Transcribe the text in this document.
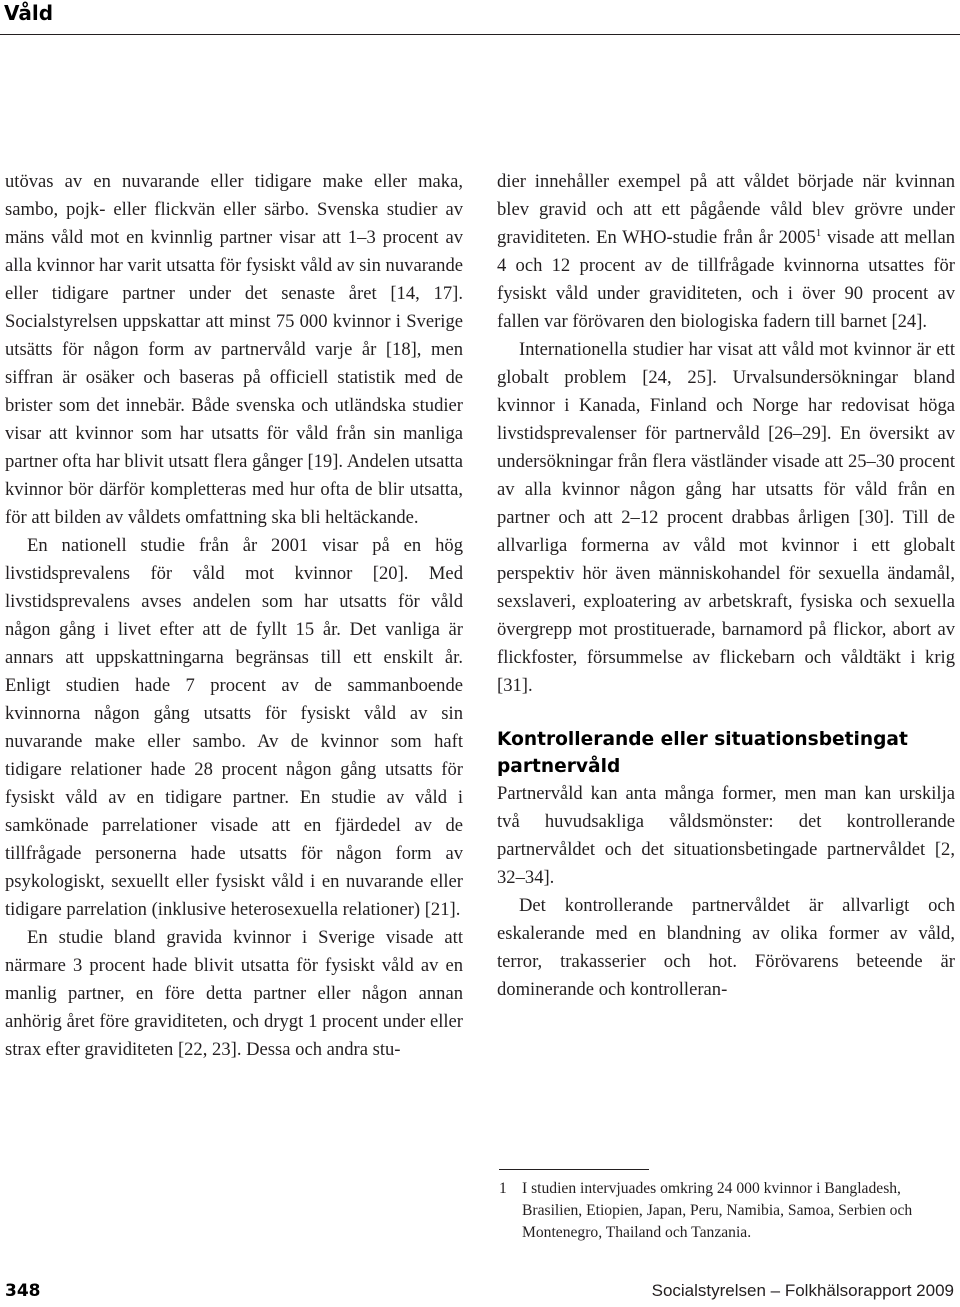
Våld

utövas av en nuvarande eller tidigare make eller maka, sambo, pojk- eller flickvän eller särbo. Svenska studier av mäns våld mot en kvinnlig partner visar att 1–3 procent av alla kvinnor har varit utsatta för fysiskt våld av sin nuvarande eller tidigare partner under det senaste året [14, 17]. Socialstyrelsen uppskattar att minst 75 000 kvinnor i Sverige utsätts för någon form av partnervåld varje år [18], men siffran är osäker och baseras på officiell statistik med de brister som det innebär. Både svenska och utländska studier visar att kvinnor som har utsatts för våld från sin manliga partner ofta har blivit utsatt flera gånger [19]. Andelen utsatta kvinnor bör därför kompletteras med hur ofta de blir utsatta, för att bilden av våldets omfattning ska bli heltäckande.

En nationell studie från år 2001 visar på en hög livstidsprevalens för våld mot kvinnor [20]. Med livstidsprevalens avses andelen som har utsatts för våld någon gång i livet efter att de fyllt 15 år. Det vanliga är annars att uppskattningarna begränsas till ett enskilt år. Enligt studien hade 7 procent av de sammanboende kvinnorna någon gång utsatts för fysiskt våld av sin nuvarande make eller sambo. Av de kvinnor som haft tidigare relationer hade 28 procent någon gång utsatts för fysiskt våld av en tidigare partner. En studie av våld i samkönade parrelationer visade att en fjärdedel av de tillfrågade personerna hade utsatts för någon form av psykologiskt, sexuellt eller fysiskt våld i en nuvarande eller tidigare parrelation (inklusive heterosexuella relationer) [21].

En studie bland gravida kvinnor i Sverige visade att närmare 3 procent hade blivit utsatta för fysiskt våld av en manlig partner, en före detta partner eller någon annan anhörig året före graviditeten, och drygt 1 procent under eller strax efter graviditeten [22, 23]. Dessa och andra stu-

dier innehåller exempel på att våldet började när kvinnan blev gravid och att ett pågående våld blev grövre under graviditeten. En WHO-studie från år 2005$^1$ visade att mellan 4 och 12 procent av de tillfrågade kvinnorna utsattes för fysiskt våld under graviditeten, och i över 90 procent av fallen var förövaren den biologiska fadern till barnet [24].

Internationella studier har visat att våld mot kvinnor är ett globalt problem [24, 25]. Urvalsundersökningar bland kvinnor i Kanada, Finland och Norge har redovisat höga livstidsprevalenser för partnervåld [26–29]. En översikt av undersökningar från flera västländer visade att 25–30 procent av alla kvinnor någon gång har utsatts för våld från en partner och att 2–12 procent drabbas årligen [30]. Till de allvarliga formerna av våld mot kvinnor i ett globalt perspektiv hör även människohandel för sexuella ändamål, sexslaveri, exploatering av arbetskraft, fysiska och sexuella övergrepp mot prostituerade, barnamord på flickor, abort av flickfoster, försummelse av flickebarn och våldtäkt i krig [31].

Kontrollerande eller situationsbetingat partnervåld

Partnervåld kan anta många former, men man kan urskilja två huvudsakliga våldsmönster: det kontrollerande partnervåldet och det situationsbetingade partnervåldet [2, 32–34].

Det kontrollerande partnervåldet är allvarligt och eskalerande med en blandning av olika former av våld, terror, trakasserier och hot. Förövarens beteende är dominerande och kontrolleran-

1 I studien intervjuades omkring 24 000 kvinnor i Bangladesh, Brasilien, Etiopien, Japan, Peru, Namibia, Samoa, Serbien och Montenegro, Thailand och Tanzania.
348	Socialstyrelsen – Folkhälsorapport 2009
